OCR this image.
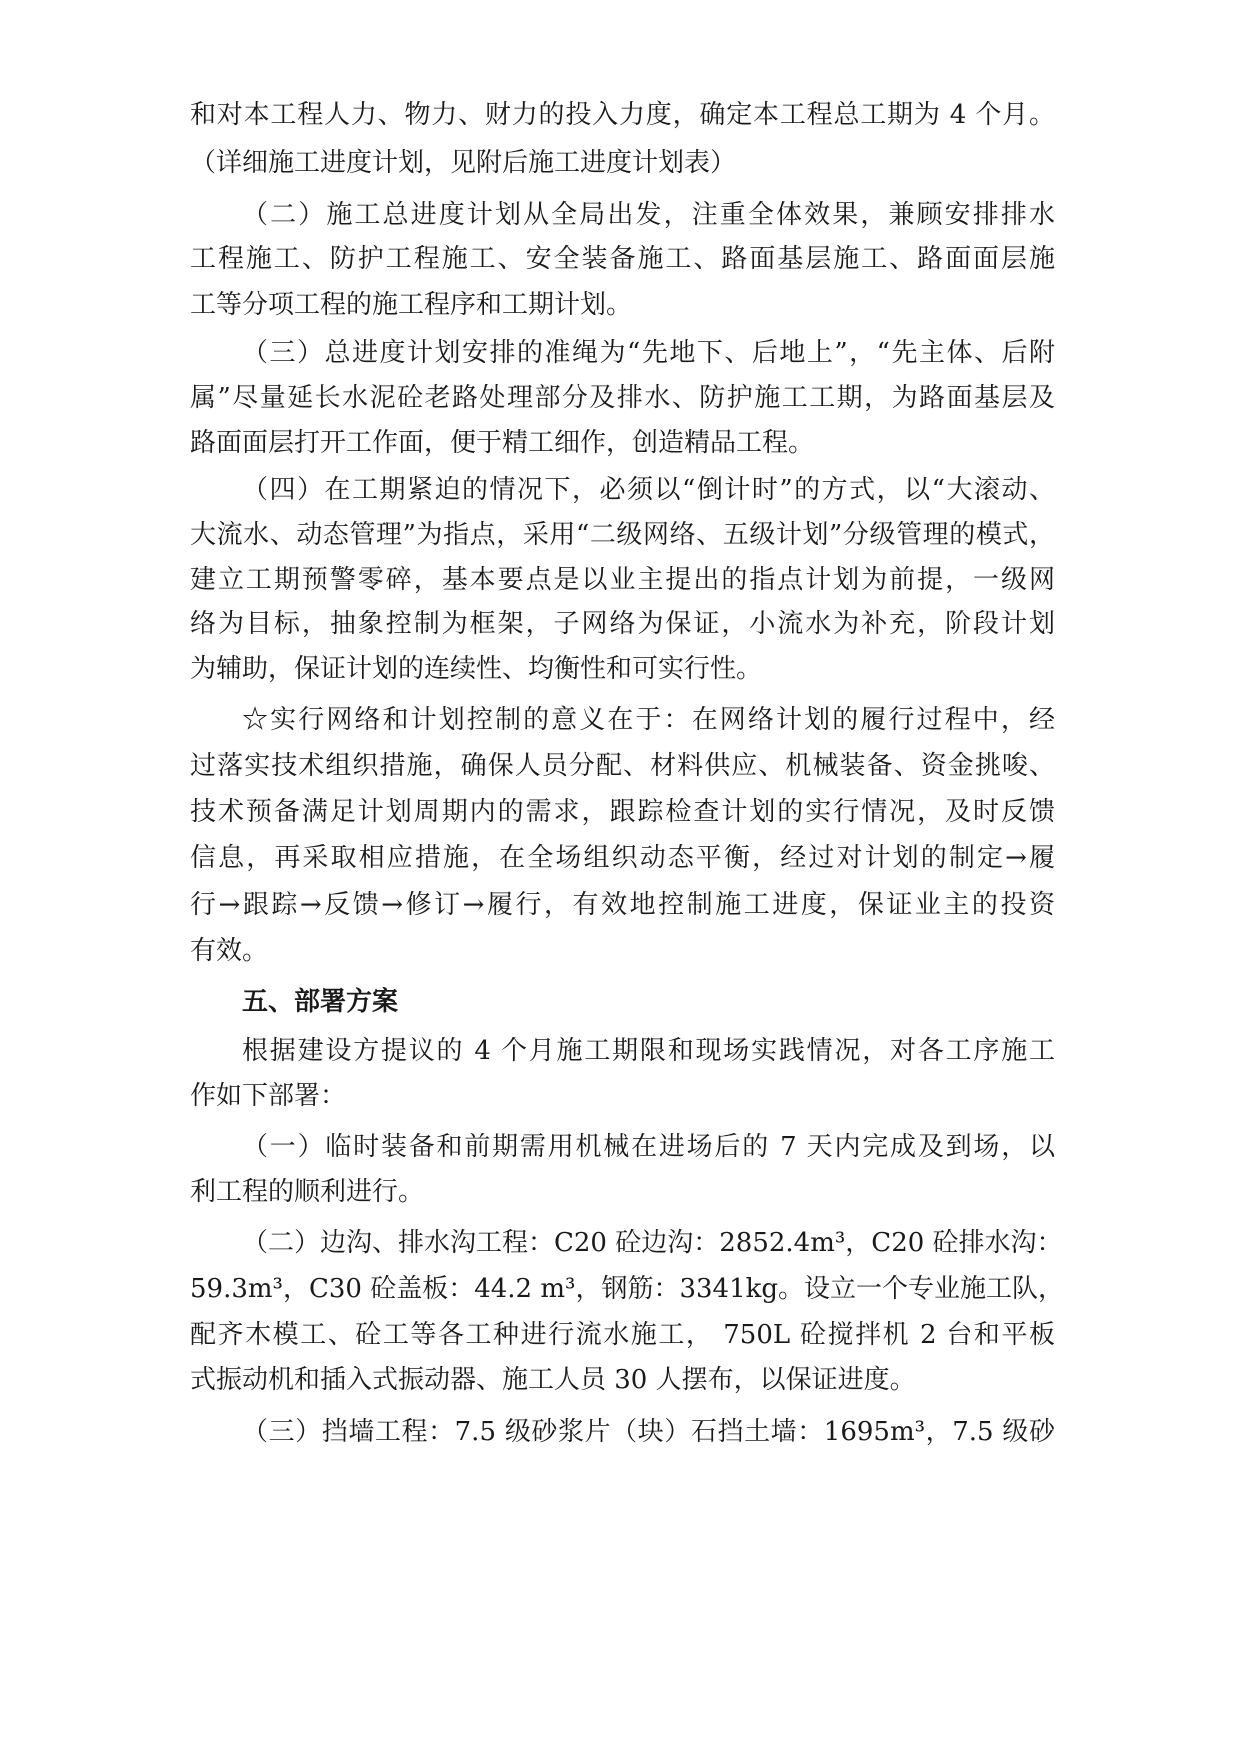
和对本工程人力、物力、财力的投入力度，确定本工程总工期为 4 个月。
（详细施工进度计划，见附后施工进度计划表）
（二）施工总进度计划从全局出发，注重全体效果，兼顾安排排水
工程施工、防护工程施工、安全装备施工、路面基层施工、路面面层施
工等分项工程的施工程序和工期计划。
（三）总进度计划安排的准绳为“先地下、后地上”，“先主体、后附
属”尽量延长水泥砼老路处理部分及排水、防护施工工期，为路面基层及
路面面层打开工作面，便于精工细作，创造精品工程。
（四）在工期紧迫的情况下，必须以“倒计时”的方式，以“大滚动、
大流水、动态管理”为指点，采用“二级网络、五级计划”分级管理的模式，
建立工期预警零碎，基本要点是以业主提出的指点计划为前提，一级网
络为目标，抽象控制为框架，子网络为保证，小流水为补充，阶段计划
为辅助，保证计划的连续性、均衡性和可实行性。
☆实行网络和计划控制的意义在于：在网络计划的履行过程中，经
过落实技术组织措施，确保人员分配、材料供应、机械装备、资金挑唆、
技术预备满足计划周期内的需求，跟踪检查计划的实行情况，及时反馈
信息，再采取相应措施，在全场组织动态平衡，经过对计划的制定→履
行→跟踪→反馈→修订→履行，有效地控制施工进度，保证业主的投资
有效。
五、部署方案
根据建设方提议的 4 个月施工期限和现场实践情况，对各工序施工
作如下部署：
（一）临时装备和前期需用机械在进场后的 7 天内完成及到场，以
利工程的顺利进行。
（二）边沟、排水沟工程：C20 砼边沟：2852.4m³，C20 砼排水沟：
59.3m³，C30 砼盖板：44.2 m³，钢筋：3341kg。设立一个专业施工队，
配齐木模工、砼工等各工种进行流水施工， 750L 砼搅拌机 2 台和平板
式振动机和插入式振动器、施工人员 30 人摆布，以保证进度。
（三）挡墙工程：7.5 级砂浆片（块）石挡土墙：1695m³，7.5 级砂
